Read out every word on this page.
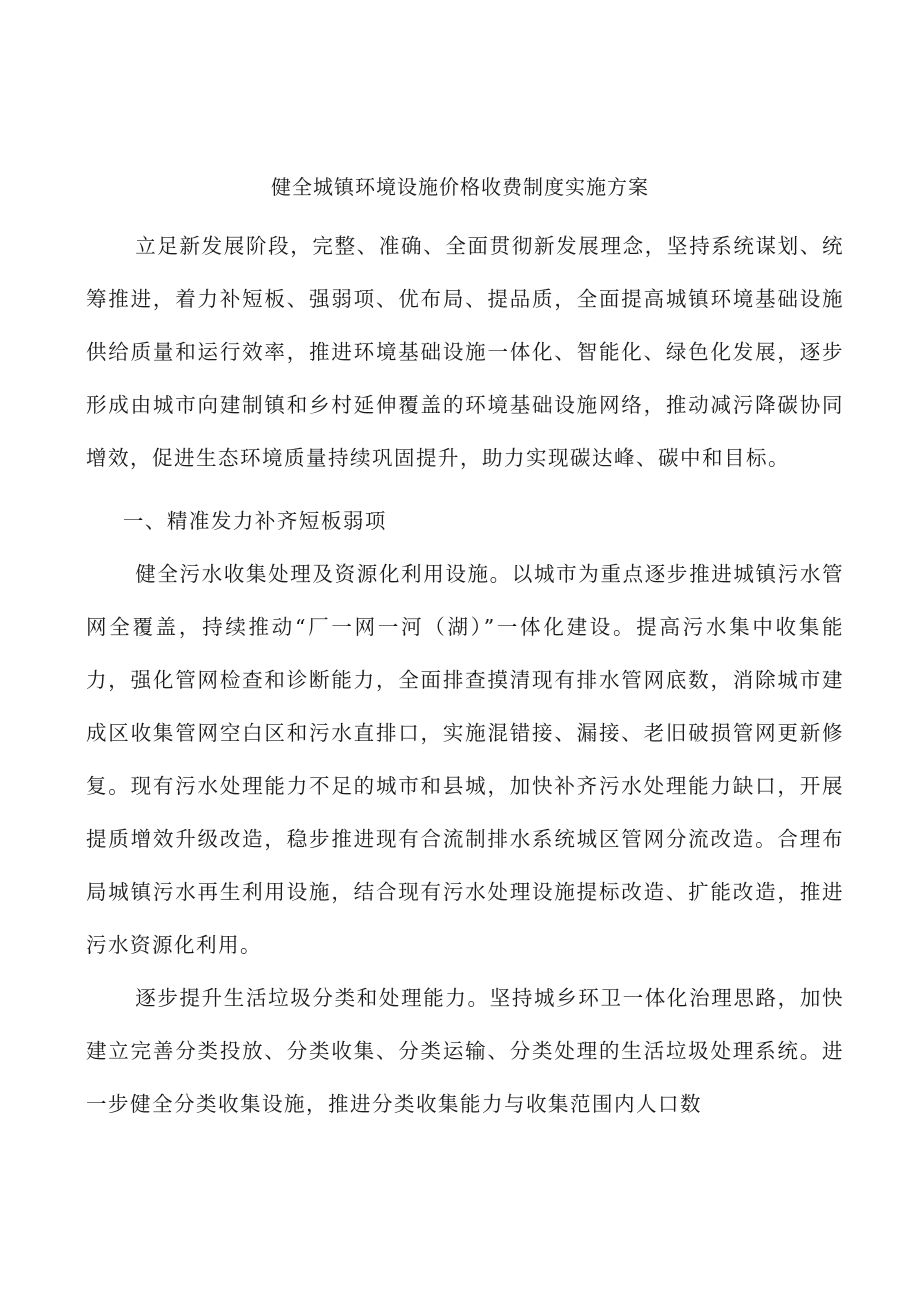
健全城镇环境设施价格收费制度实施方案

立足新发展阶段，完整、准确、全面贯彻新发展理念，坚持系统谋划、统筹推进，着力补短板、强弱项、优布局、提品质，全面提高城镇环境基础设施供给质量和运行效率，推进环境基础设施一体化、智能化、绿色化发展，逐步形成由城市向建制镇和乡村延伸覆盖的环境基础设施网络，推动减污降碳协同增效，促进生态环境质量持续巩固提升，助力实现碳达峰、碳中和目标。

一、精准发力补齐短板弱项

健全污水收集处理及资源化利用设施。以城市为重点逐步推进城镇污水管网全覆盖，持续推动“厂一网一河（湖）”一体化建设。提高污水集中收集能力，强化管网检查和诊断能力，全面排查摸清现有排水管网底数，消除城市建成区收集管网空白区和污水直排口，实施混错接、漏接、老旧破损管网更新修复。现有污水处理能力不足的城市和县城，加快补齐污水处理能力缺口，开展提质增效升级改造，稳步推进现有合流制排水系统城区管网分流改造。合理布局城镇污水再生利用设施，结合现有污水处理设施提标改造、扩能改造，推进污水资源化利用。

逐步提升生活垃圾分类和处理能力。坚持城乡环卫一体化治理思路，加快建立完善分类投放、分类收集、分类运输、分类处理的生活垃圾处理系统。进一步健全分类收集设施，推进分类收集能力与收集范围内人口数
